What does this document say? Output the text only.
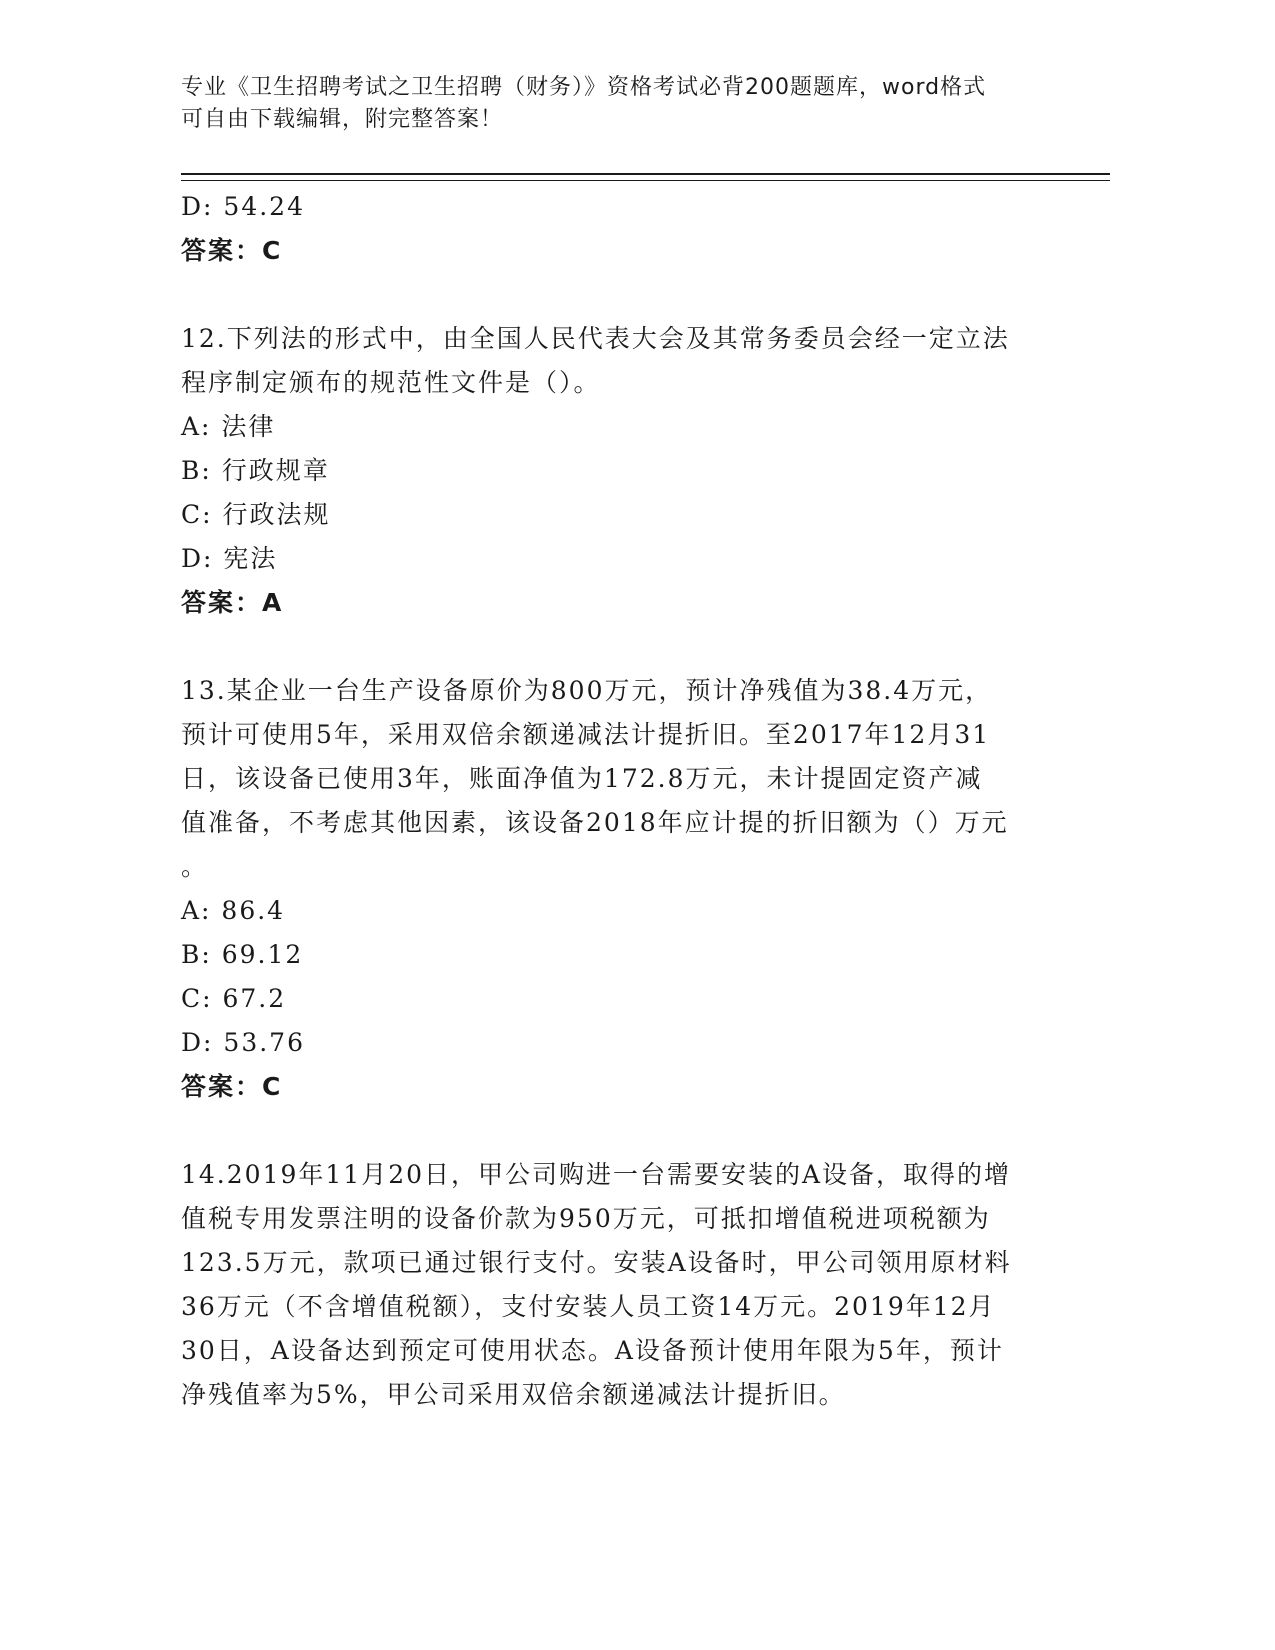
专业《卫生招聘考试之卫生招聘（财务）》资格考试必背200题题库，word格式
可自由下载编辑，附完整答案！
D: 54.24
答案：C
12.下列法的形式中，由全国人民代表大会及其常务委员会经一定立法
程序制定颁布的规范性文件是（）。
A: 法律
B: 行政规章
C: 行政法规
D: 宪法
答案：A
13.某企业一台生产设备原价为800万元，预计净残值为38.4万元，
预计可使用5年，采用双倍余额递减法计提折旧。至2017年12月31
日，该设备已使用3年，账面净值为172.8万元，未计提固定资产减
值准备，不考虑其他因素，该设备2018年应计提的折旧额为（）万元
。
A: 86.4
B: 69.12
C: 67.2
D: 53.76
答案：C
14.2019年11月20日，甲公司购进一台需要安装的A设备，取得的增
值税专用发票注明的设备价款为950万元，可抵扣增值税进项税额为
123.5万元，款项已通过银行支付。安装A设备时，甲公司领用原材料
36万元（不含增值税额），支付安装人员工资14万元。2019年12月
30日，A设备达到预定可使用状态。A设备预计使用年限为5年，预计
净残值率为5%，甲公司采用双倍余额递减法计提折旧。
